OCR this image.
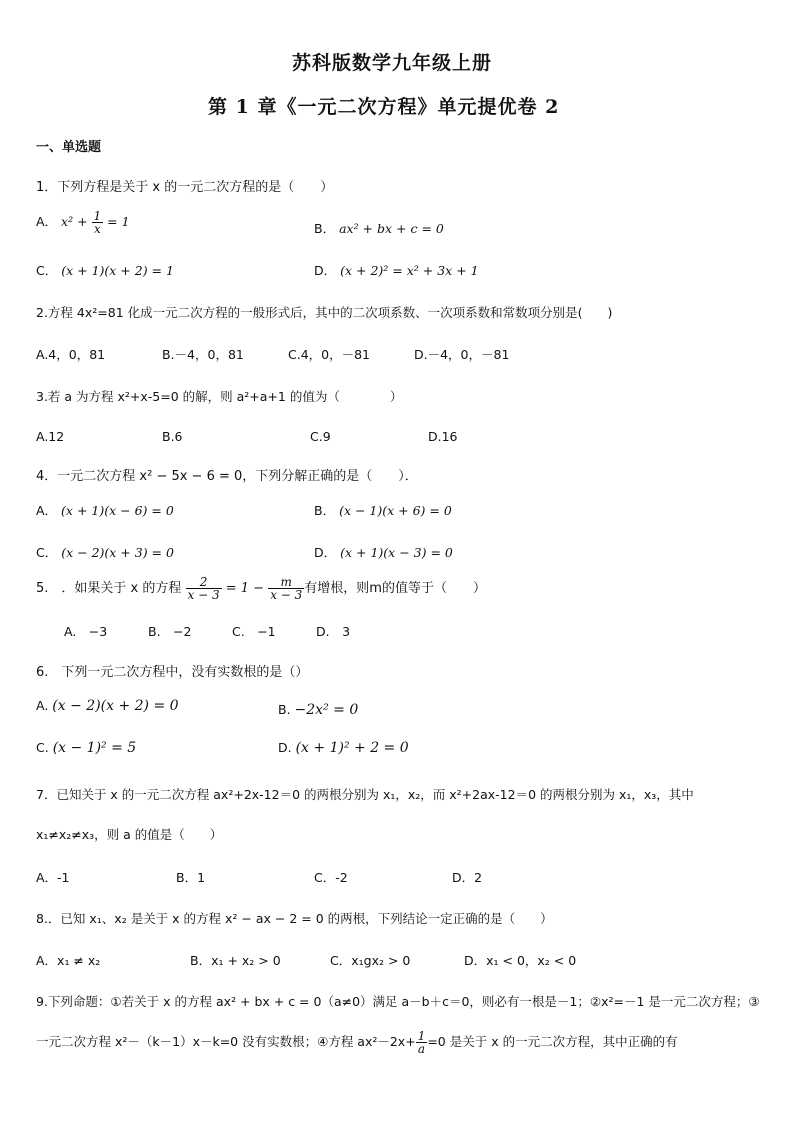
苏科版数学九年级上册
第 1 章《一元二次方程》单元提优卷 2
一、单选题
1．下列方程是关于 x 的一元二次方程的是（　　）
A． $x^2 + \frac{1}{x} = 1$	B． ax² + bx + c = 0
C． (x + 1)(x + 2) = 1	D． (x + 2)² = x² + 3x + 1
2.方程 4x²=81 化成一元二次方程的一般形式后，其中的二次项系数、一次项系数和常数项分别是(　　)
A.4，0，81	B.－4，0，81	C.4，0，－81	D.－4，0，－81
3.若 a 为方程 x²+x-5=0 的解，则 a²+a+1 的值为（　　　　）
A.12	B.6	C.9	D.16
4．一元二次方程 x² − 5x − 6 = 0，下列分解正确的是（　　）．
A． (x + 1)(x − 6) = 0	B． (x − 1)(x + 6) = 0
C． (x − 2)(x + 3) = 0	D． (x + 1)(x − 3) = 0
5.　．如果关于 x 的方程 $\frac{2}{x - 3} = 1 - \frac{m}{x - 3}$ 有增根，则m的值等于（　　）
A.　−3	B.　−2	C.　−1	D.　3
6.　下列一元二次方程中，没有实数根的是（）
A. (x − 2)(x + 2) = 0	B. −2x² = 0
C. (x − 1)² = 5	D. (x + 1)² + 2 = 0
7．已知关于 x 的一元二次方程 ax²+2x-12＝0 的两根分别为 x₁，x₂，而 x²+2ax-12＝0 的两根分别为 x₁，x₃，其中
x₁≠x₂≠x₃，则 a 的值是（　　）
A．-1	B．1	C．-2	D．2
8.．已知 x₁、x₂ 是关于 x 的方程 x² − ax − 2 = 0 的两根，下列结论一定正确的是（　　）
A．x₁ ≠ x₂	B．x₁ + x₂ > 0	C．x₁gx₂ > 0	D．x₁ < 0，x₂ < 0
9.下列命题：①若关于 x 的方程 ax² + bx + c = 0（a≠0）满足 a－b＋c＝0，则必有一根是－1；②x²=－1 是一元二次方程；③
一元二次方程 x²－（k－1）x－k=0 没有实数根；④方程 $ax^2-2x+ \frac{1}{a} =0$ 是关于 x 的一元二次方程，其中正确的有
